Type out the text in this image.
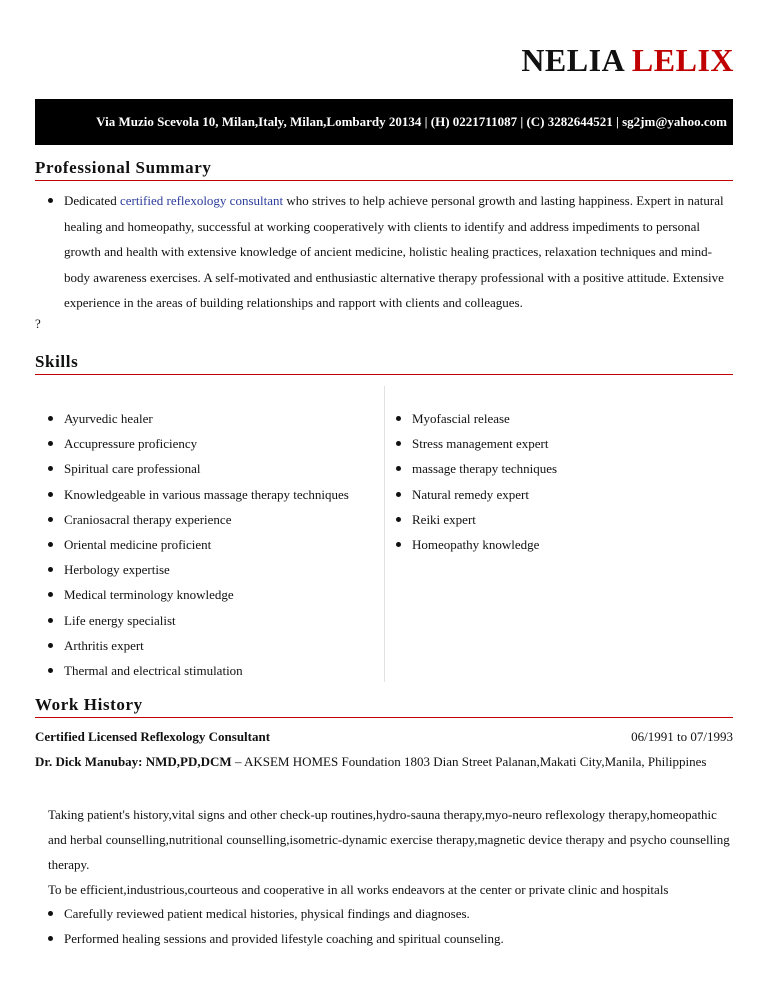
NELIA LELIX
Via Muzio Scevola 10, Milan,Italy, Milan,Lombardy 20134 | (H) 0221711087 | (C) 3282644521 | sg2jm@yahoo.com
Professional Summary
Dedicated certified reflexology consultant who strives to help achieve personal growth and lasting happiness. Expert in natural healing and homeopathy, successful at working cooperatively with clients to identify and address impediments to personal growth and health with extensive knowledge of ancient medicine, holistic healing practices, relaxation techniques and mind-body awareness exercises. A self-motivated and enthusiastic alternative therapy professional with a positive attitude. Extensive experience in the areas of building relationships and rapport with clients and colleagues.
?
Skills
Ayurvedic healer
Accupressure proficiency
Spiritual care professional
Knowledgeable in various massage therapy techniques
Craniosacral therapy experience
Oriental medicine proficient
Herbology expertise
Medical terminology knowledge
Life energy specialist
Arthritis expert
Thermal and electrical stimulation
Myofascial release
Stress management expert
massage therapy techniques
Natural remedy expert
Reiki expert
Homeopathy knowledge
Work History
Certified Licensed Reflexology Consultant	06/1991 to 07/1993
Dr. Dick Manubay: NMD,PD,DCM – AKSEM HOMES Foundation 1803 Dian Street Palanan,Makati City,Manila, Philippines
Taking patient's history,vital signs and other check-up routines,hydro-sauna therapy,myo-neuro reflexology therapy,homeopathic and herbal counselling,nutritional counselling,isometric-dynamic exercise therapy,magnetic device therapy and psycho counselling therapy.
To be efficient,industrious,courteous and cooperative in all works endeavors at the center or private clinic and hospitals
Carefully reviewed patient medical histories, physical findings and diagnoses.
Performed healing sessions and provided lifestyle coaching and spiritual counseling.
